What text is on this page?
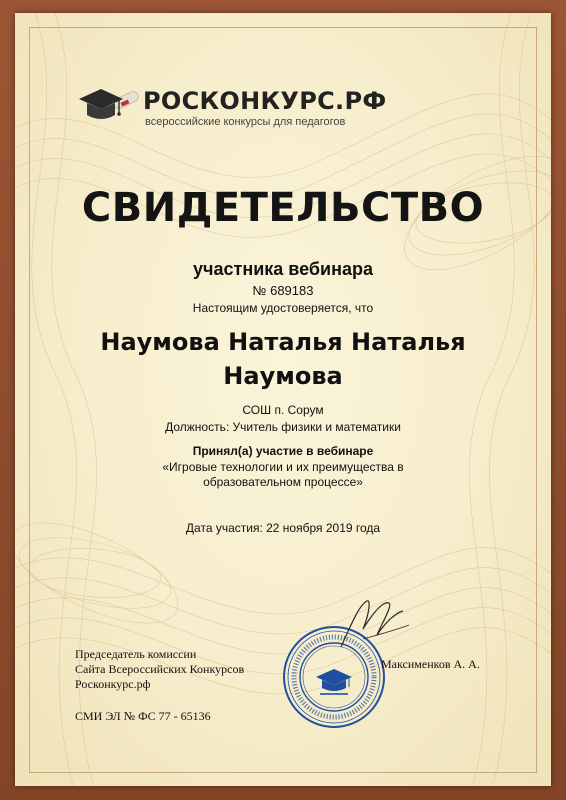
РОСКОНКУРС.РФ
всероссийские конкурсы для педагогов
СВИДЕТЕЛЬСТВО
участника вебинара
№ 689183
Настоящим удостоверяется, что
Наумова Наталья Наталья Наумова
СОШ п. Сорум
Должность: Учитель физики и математики
Принял(а) участие в вебинаре
«Игровые технологии и их преимущества в образовательном процессе»
Дата участия: 22 ноября 2019 года
Председатель комиссии
Сайта Всероссийских Конкурсов
Росконкурс.рф
СМИ ЭЛ № ФС 77 - 65136
Максименков А. А.
